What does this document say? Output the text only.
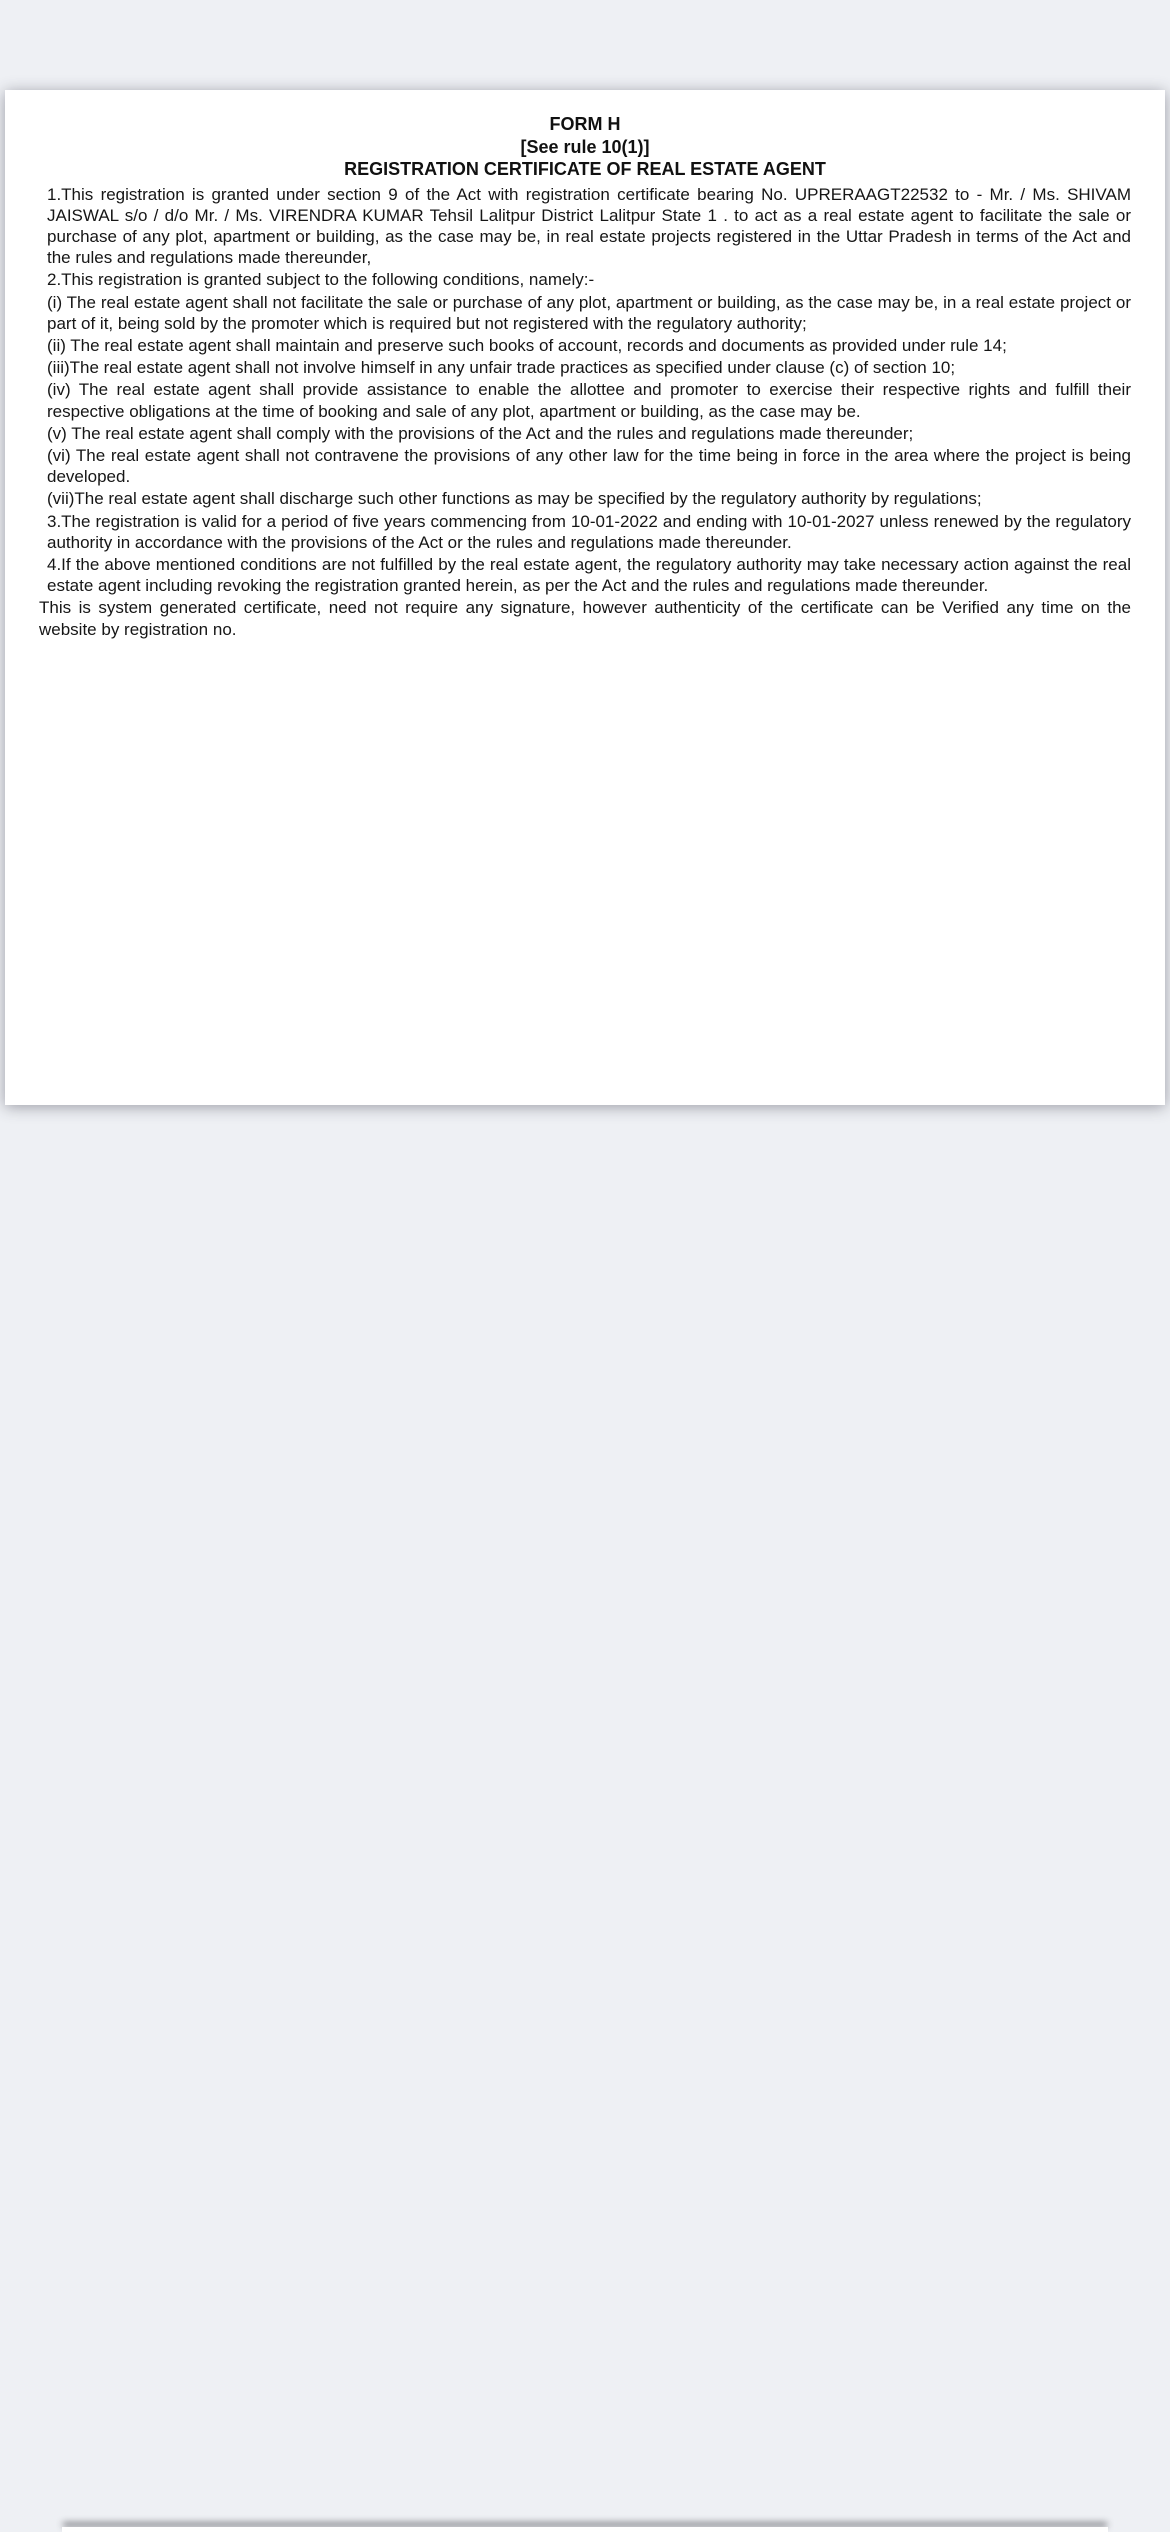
FORM H
[See rule 10(1)]
REGISTRATION CERTIFICATE OF REAL ESTATE AGENT

1.This registration is granted under section 9 of the Act with registration certificate bearing No. UPRERAAGT22532 to - Mr. / Ms. SHIVAM JAISWAL s/o / d/o Mr. / Ms. VIRENDRA KUMAR Tehsil Lalitpur District Lalitpur State 1 . to act as a real estate agent to facilitate the sale or purchase of any plot, apartment or building, as the case may be, in real estate projects registered in the Uttar Pradesh in terms of the Act and the rules and regulations made thereunder,

2.This registration is granted subject to the following conditions, namely:-

(i) The real estate agent shall not facilitate the sale or purchase of any plot, apartment or building, as the case may be, in a real estate project or part of it, being sold by the promoter which is required but not registered with the regulatory authority;

(ii) The real estate agent shall maintain and preserve such books of account, records and documents as provided under rule 14;

(iii)The real estate agent shall not involve himself in any unfair trade practices as specified under clause (c) of section 10;

(iv) The real estate agent shall provide assistance to enable the allottee and promoter to exercise their respective rights and fulfill their respective obligations at the time of booking and sale of any plot, apartment or building, as the case may be.

(v) The real estate agent shall comply with the provisions of the Act and the rules and regulations made thereunder;

(vi) The real estate agent shall not contravene the provisions of any other law for the time being in force in the area where the project is being developed.

(vii)The real estate agent shall discharge such other functions as may be specified by the regulatory authority by regulations;

3.The registration is valid for a period of five years commencing from 10-01-2022 and ending with 10-01-2027 unless renewed by the regulatory authority in accordance with the provisions of the Act or the rules and regulations made thereunder.

4.If the above mentioned conditions are not fulfilled by the real estate agent, the regulatory authority may take necessary action against the real estate agent including revoking the registration granted herein, as per the Act and the rules and regulations made thereunder.

This is system generated certificate, need not require any signature, however authenticity of the certificate can be Verified any time on the website by registration no.
